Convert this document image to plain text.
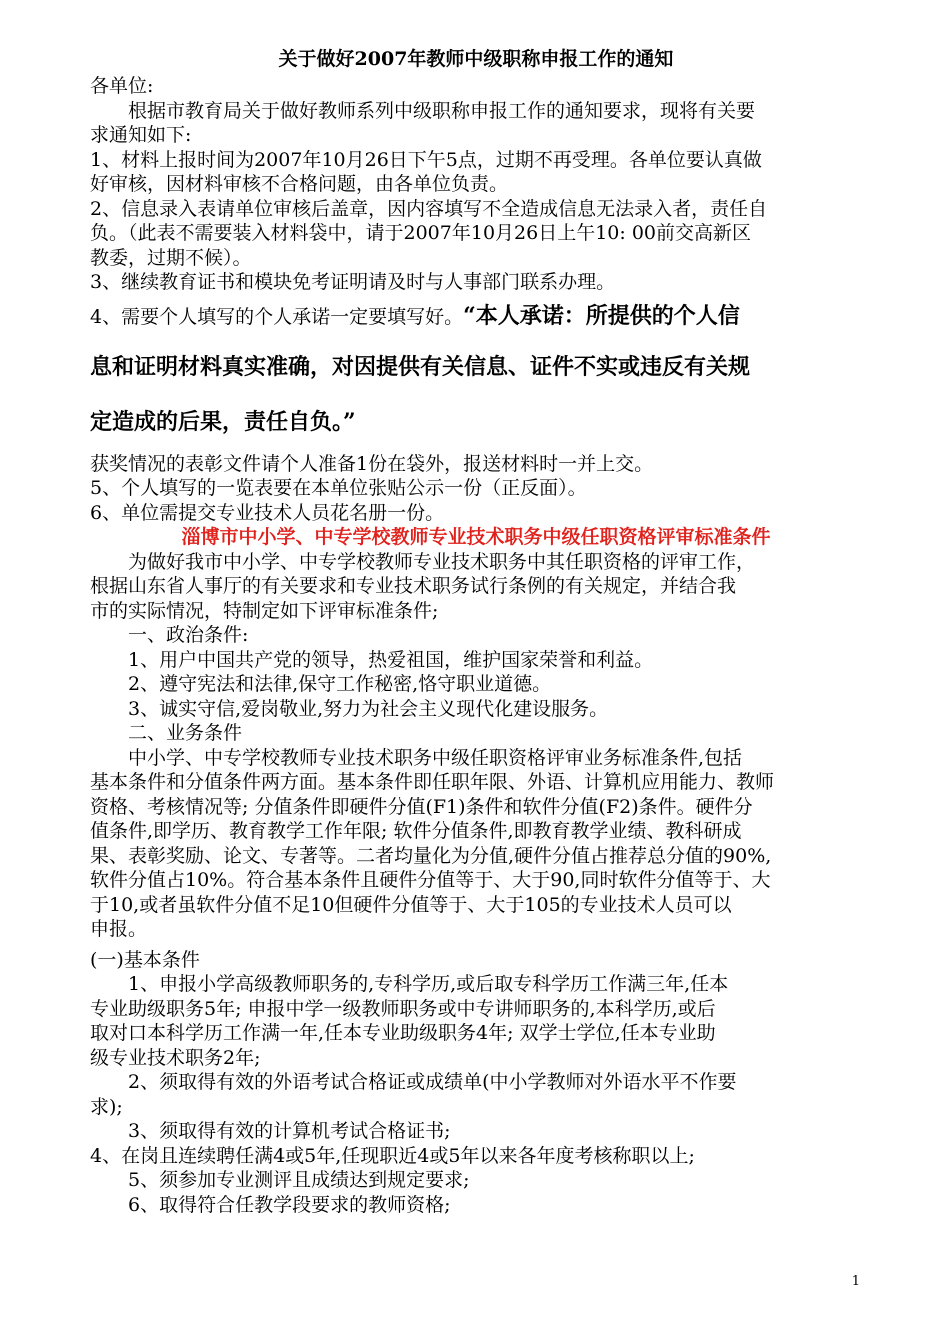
关于做好2007年教师中级职称申报工作的通知

各单位:

根据市教育局关于做好教师系列中级职称申报工作的通知要求，现将有关要

求通知如下:

1、材料上报时间为2007年10月26日下午5点，过期不再受理。各单位要认真做

好审核，因材料审核不合格问题，由各单位负责。

2、信息录入表请单位审核后盖章，因内容填写不全造成信息无法录入者，责任自

负。（此表不需要装入材料袋中，请于2007年10月26日上午10: 00前交高新区

教委，过期不候）。

3、继续教育证书和模块免考证明请及时与人事部门联系办理。

4、需要个人填写的个人承诺一定要填写好。“本人承诺：所提供的个人信

息和证明材料真实准确，对因提供有关信息、证件不实或违反有关规

定造成的后果，责任自负。”

获奖情况的表彰文件请个人准备1份在袋外，报送材料时一并上交。

5、个人填写的一览表要在本单位张贴公示一份（正反面）。

6、单位需提交专业技术人员花名册一份。

淄博市中小学、中专学校教师专业技术职务中级任职资格评审标准条件

为做好我市中小学、中专学校教师专业技术职务中其任职资格的评审工作，

根据山东省人事厅的有关要求和专业技术职务试行条例的有关规定，并结合我

市的实际情况，特制定如下评审标准条件;

一、政治条件:

1、用户中国共产党的领导，热爱祖国，维护国家荣誉和利益。

2、遵守宪法和法律,保守工作秘密,恪守职业道德。

3、诚实守信,爱岗敬业,努力为社会主义现代化建设服务。

二、业务条件

中小学、中专学校教师专业技术职务中级任职资格评审业务标准条件,包括

基本条件和分值条件两方面。基本条件即任职年限、外语、计算机应用能力、教师

资格、考核情况等; 分值条件即硬件分值(F1)条件和软件分值(F2)条件。硬件分

值条件,即学历、教育教学工作年限; 软件分值条件,即教育教学业绩、教科研成

果、表彰奖励、论文、专著等。二者均量化为分值,硬件分值占推荐总分值的90%,

软件分值占10%。符合基本条件且硬件分值等于、大于90,同时软件分值等于、大

于10,或者虽软件分值不足10但硬件分值等于、大于105的专业技术人员可以

申报。

(一)基本条件

1、申报小学高级教师职务的,专科学历,或后取专科学历工作满三年,任本

专业助级职务5年; 申报中学一级教师职务或中专讲师职务的,本科学历,或后

取对口本科学历工作满一年,任本专业助级职务4年; 双学士学位,任本专业助

级专业技术职务2年;

2、须取得有效的外语考试合格证或成绩单(中小学教师对外语水平不作要

求);

3、须取得有效的计算机考试合格证书;

4、在岗且连续聘任满4或5年,任现职近4或5年以来各年度考核称职以上;

5、须参加专业测评且成绩达到规定要求;

6、取得符合任教学段要求的教师资格;

1
